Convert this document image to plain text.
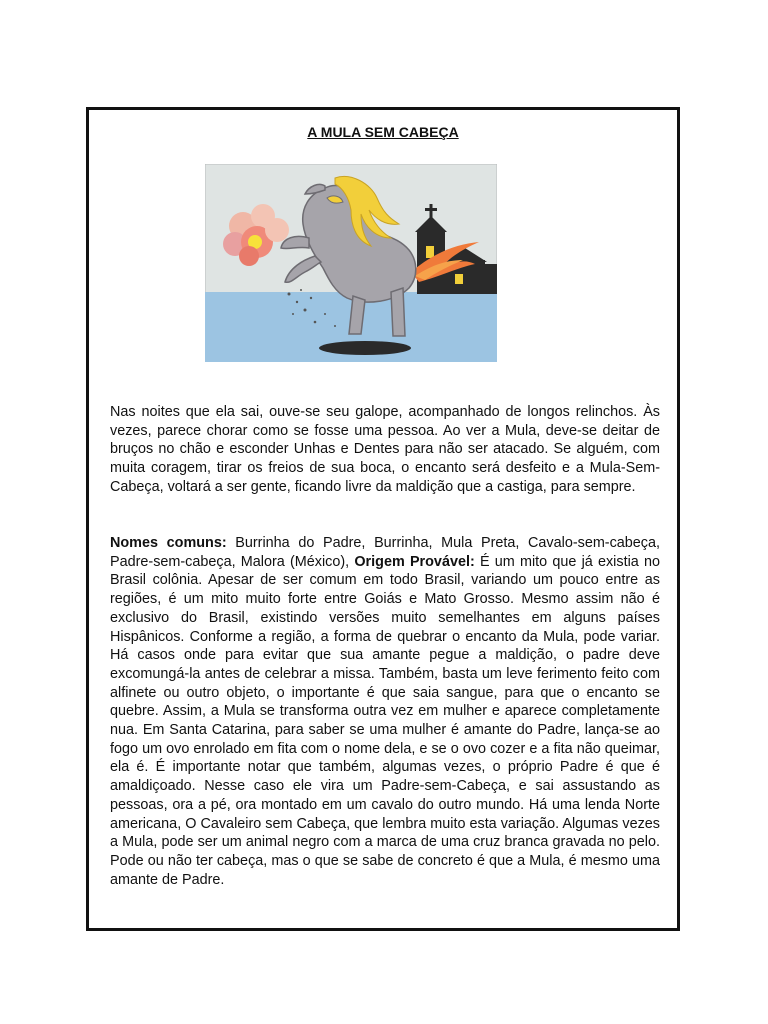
A MULA SEM CABEÇA

Nas noites que ela sai, ouve-se seu galope, acompanhado de longos relinchos. Às vezes, parece chorar como se fosse uma pessoa. Ao ver a Mula, deve-se deitar de bruços no chão e esconder Unhas e Dentes para não ser atacado. Se alguém, com muita coragem, tirar os freios de sua boca, o encanto será desfeito e a Mula-Sem-Cabeça, voltará a ser gente, ficando livre da maldição que a castiga, para sempre.

Nomes comuns: Burrinha do Padre, Burrinha, Mula Preta, Cavalo-sem-cabeça, Padre-sem-cabeça, Malora (México), Origem Provável: É um mito que já existia no Brasil colônia. Apesar de ser comum em todo Brasil, variando um pouco entre as regiões, é um mito muito forte entre Goiás e Mato Grosso. Mesmo assim não é exclusivo do Brasil, existindo versões muito semelhantes em alguns países Hispânicos. Conforme a região, a forma de quebrar o encanto da Mula, pode variar. Há casos onde para evitar que sua amante pegue a maldição, o padre deve excomungá-la antes de celebrar a missa. Também, basta um leve ferimento feito com alfinete ou outro objeto, o importante é que saia sangue, para que o encanto se quebre. Assim, a Mula se transforma outra vez em mulher e aparece completamente nua. Em Santa Catarina, para saber se uma mulher é amante do Padre, lança-se ao fogo um ovo enrolado em fita com o nome dela, e se o ovo cozer e a fita não queimar, ela é. É importante notar que também, algumas vezes, o próprio Padre é que é amaldiçoado. Nesse caso ele vira um Padre-sem-Cabeça, e sai assustando as pessoas, ora a pé, ora montado em um cavalo do outro mundo. Há uma lenda Norte americana, O Cavaleiro sem Cabeça, que lembra muito esta variação. Algumas vezes a Mula, pode ser um animal negro com a marca de uma cruz branca gravada no pelo. Pode ou não ter cabeça, mas o que se sabe de concreto é que a Mula, é mesmo uma amante de Padre.
